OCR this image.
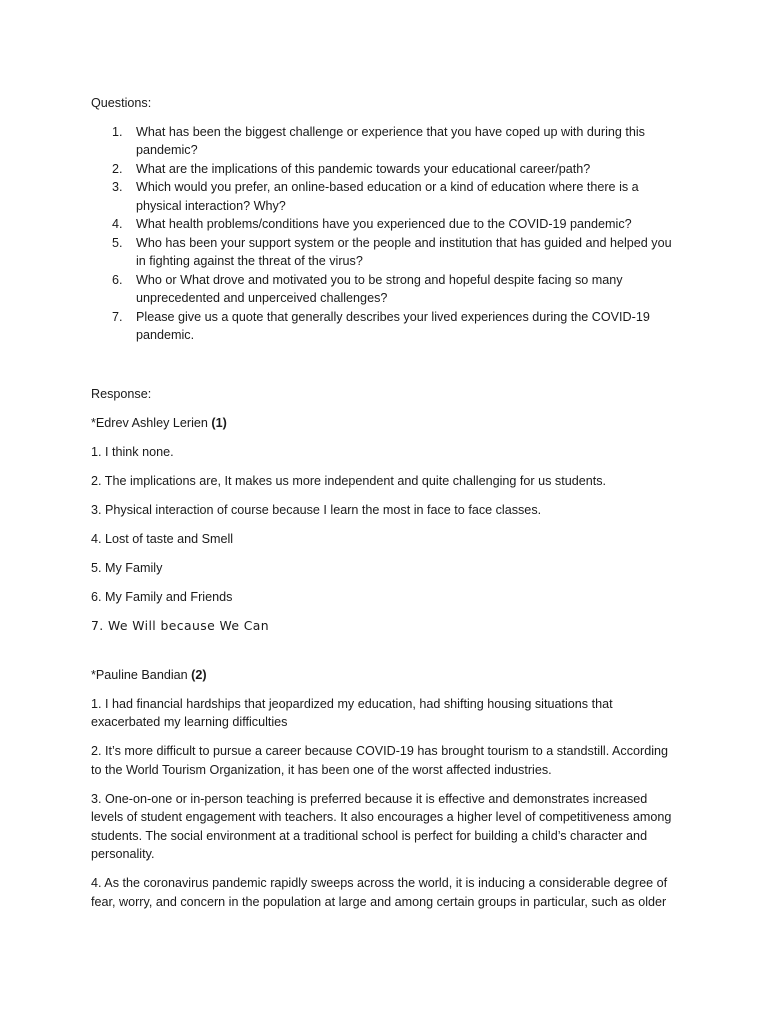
Questions:

1. What has been the biggest challenge or experience that you have coped up with during this pandemic?
2. What are the implications of this pandemic towards your educational career/path?
3. Which would you prefer, an online-based education or a kind of education where there is a physical interaction? Why?
4. What health problems/conditions have you experienced due to the COVID-19 pandemic?
5. Who has been your support system or the people and institution that has guided and helped you in fighting against the threat of the virus?
6. Who or What drove and motivated you to be strong and hopeful despite facing so many unprecedented and unperceived challenges?
7. Please give us a quote that generally describes your lived experiences during the COVID-19 pandemic.

Response:

*Edrev Ashley Lerien (1)

1. I think none.

2. The implications are, It makes us more independent and quite challenging for us students.

3. Physical interaction of course because I learn the most in face to face classes.

4. Lost of taste and Smell

5. My Family

6. My Family and Friends

7. We Will because We Can

*Pauline Bandian (2)

1. I had financial hardships that jeopardized my education, had shifting housing situations that exacerbated my learning difficulties

2. It’s more difficult to pursue a career because COVID-19 has brought tourism to a standstill. According to the World Tourism Organization, it has been one of the worst affected industries.

3. One-on-one or in-person teaching is preferred because it is effective and demonstrates increased levels of student engagement with teachers. It also encourages a higher level of competitiveness among students. The social environment at a traditional school is perfect for building a child’s character and personality.

4. As the coronavirus pandemic rapidly sweeps across the world, it is inducing a considerable degree of fear, worry, and concern in the population at large and among certain groups in particular, such as older
